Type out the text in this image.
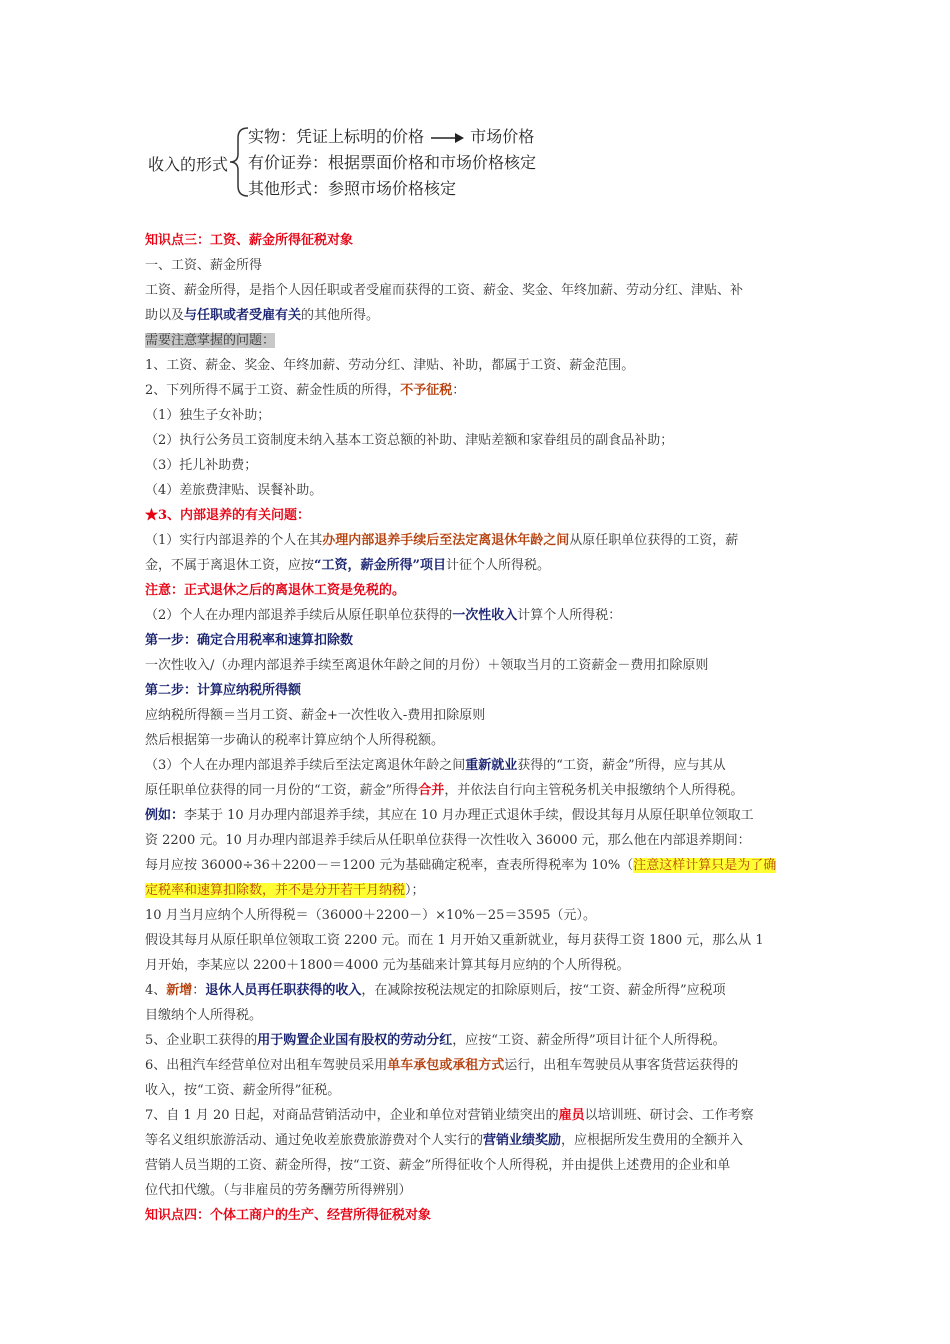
收入的形式
实物：凭证上标明的价格	市场价格
有价证券：根据票面价格和市场价格核定
其他形式：参照市场价格核定
知识点三：工资、薪金所得征税对象
一、工资、薪金所得
工资、薪金所得，是指个人因任职或者受雇而获得的工资、薪金、奖金、年终加薪、劳动分红、津贴、补
助以及与任职或者受雇有关的其他所得。
需要注意掌握的问题：
1、工资、薪金、奖金、年终加薪、劳动分红、津贴、补助，都属于工资、薪金范围。
2、下列所得不属于工资、薪金性质的所得，不予征税：
（1）独生子女补助；
（2）执行公务员工资制度未纳入基本工资总额的补助、津贴差额和家眷组员的副食品补助；
（3）托儿补助费；
（4）差旅费津贴、误餐补助。
★3、内部退养的有关问题：
（1）实行内部退养的个人在其办理内部退养手续后至法定离退休年龄之间从原任职单位获得的工资，薪
金，不属于离退休工资，应按“工资，薪金所得”项目计征个人所得税。
注意：正式退休之后的离退休工资是免税的。
（2）个人在办理内部退养手续后从原任职单位获得的一次性收入计算个人所得税：
第一步：确定合用税率和速算扣除数
一次性收入/（办理内部退养手续至离退休年龄之间的月份）＋领取当月的工资薪金－费用扣除原则
第二步：计算应纳税所得额
应纳税所得额＝当月工资、薪金+一次性收入-费用扣除原则
然后根据第一步确认的税率计算应纳个人所得税额。
（3）个人在办理内部退养手续后至法定离退休年龄之间重新就业获得的“工资，薪金”所得，应与其从
原任职单位获得的同一月份的“工资，薪金”所得合并，并依法自行向主管税务机关申报缴纳个人所得税。
例如：李某于 10 月办理内部退养手续，其应在 10 月办理正式退休手续，假设其每月从原任职单位领取工
资 2200 元。10 月办理内部退养手续后从任职单位获得一次性收入 36000 元，那么他在内部退养期间：
每月应按 36000÷36＋2200－＝1200 元为基础确定税率，查表所得税率为 10%（注意这样计算只是为了确
定税率和速算扣除数，并不是分开若干月纳税）；
10 月当月应纳个人所得税＝（36000＋2200－）×10%－25＝3595（元）。
假设其每月从原任职单位领取工资 2200 元。而在 1 月开始又重新就业，每月获得工资 1800 元，那么从 1
月开始，李某应以 2200＋1800＝4000 元为基础来计算其每月应纳的个人所得税。
4、新增：退休人员再任职获得的收入，在减除按税法规定的扣除原则后，按“工资、薪金所得”应税项
目缴纳个人所得税。
5、企业职工获得的用于购置企业国有股权的劳动分红，应按“工资、薪金所得”项目计征个人所得税。
6、出租汽车经营单位对出租车驾驶员采用单车承包或承租方式运行，出租车驾驶员从事客货营运获得的
收入，按“工资、薪金所得”征税。
7、自 1 月 20 日起，对商品营销活动中，企业和单位对营销业绩突出的雇员以培训班、研讨会、工作考察
等名义组织旅游活动、通过免收差旅费旅游费对个人实行的营销业绩奖励，应根据所发生费用的全额并入
营销人员当期的工资、薪金所得，按“工资、薪金”所得征收个人所得税，并由提供上述费用的企业和单
位代扣代缴。（与非雇员的劳务酬劳所得辨别）
知识点四：个体工商户的生产、经营所得征税对象
